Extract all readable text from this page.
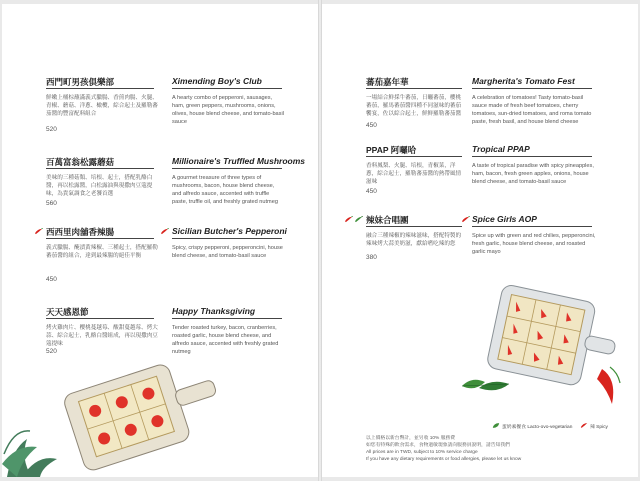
西門町男孩俱樂部	Ximending Boy's Club
鮮嫩上桶棕蘸滿義式臘腸、香煎肉腸、火腿、青椒、蘑菇、洋蔥、橄欖，綜合起士及羅勒蕃茄醬的豐富配料組合
A hearty combo of pepperoni, sausages, ham, green peppers, mushrooms, onions, olives, house blend cheese, and tomato-basil sauce
520
百萬富翁松露蘑菇	Millionaire's Truffled Mushrooms
美味的三種菇類、培根、起士，搭配乳酪白醬，再以松露醬，白松露油與現撒肉豆蔻提味，為貴氣調食之老饕首選
A gourmet treasure of three types of mushrooms, bacon, house blend cheese, and alfredo sauce, accented with truffle paste, truffle oil, and freshly grated nutmeg
560
西西里肉舖香辣腸	Sicilian Butcher's Pepperoni
義式臘腸、醃漬黃辣椒、三種起士，搭配羅勒蕃茄醬的組合，達到最辣腸的絕佳平衡
Spicy, crispy pepperoni, pepperoncini, house blend cheese, and tomato-basil sauce
450
天天感恩節	Happy Thanksgiving
烤火雞肉片、櫻桃蔓越莓、酸甜蔓越莓、烤大蒜、綜合起士，乳酪白醬組成，再以現撒肉豆蔻提味
Tender roasted turkey, bacon, cranberries, roasted garlic, house blend cheese, and alfredo sauce, accented with freshly grated nutmeg
520
蕃茄嘉年華	Margherita's Tomato Fest
一場結合鮮採牛蕃茄，日曬蕃茄，櫻桃蕃茄，羅馬蕃茄醬四種不同滋味的蕃茄饗宴，佐以綜合起士，鮮鮮羅勒蕃茄醬
A celebration of tomatoes! Tasty tomato-basil sauce made of fresh beef tomatoes, cherry tomatoes, sun-dried tomatoes, and roma tomato paste, fresh basil, and house blend cheese
450
PPAP 阿囉哈	Tropical PPAP
香料鳳梨、火腿、培根，青椒菜，洋蔥，綜合起士，羅勒蕃茄醬的熱帶風情滋味
A taste of tropical paradise with spicy pineapples, ham, bacon, fresh green apples, onions, house blend cheese, and tomato-basil sauce
450
辣妹合唱團	Spice Girls AOP
融合三種辣椒的辣味滋味，搭配特製的辣味烤大蒜美奶滋，獻給嗜吃辣的您
Spice up with green and red chilies, pepperoncini, fresh garlic, house blend cheese, and roasted garlic mayo
380
蛋奶素餐食 Lacto-ovo-vegetarian	辣 Spicy
以上價格以新台幣計，並另收 10% 服務費
如您有特殊的飲食需求，食物過敏現象請向服務員說明，請告知我們
All prices are in TWD, subject to 10% service charge
If you have any dietary requirements or food allergies, please let us know
